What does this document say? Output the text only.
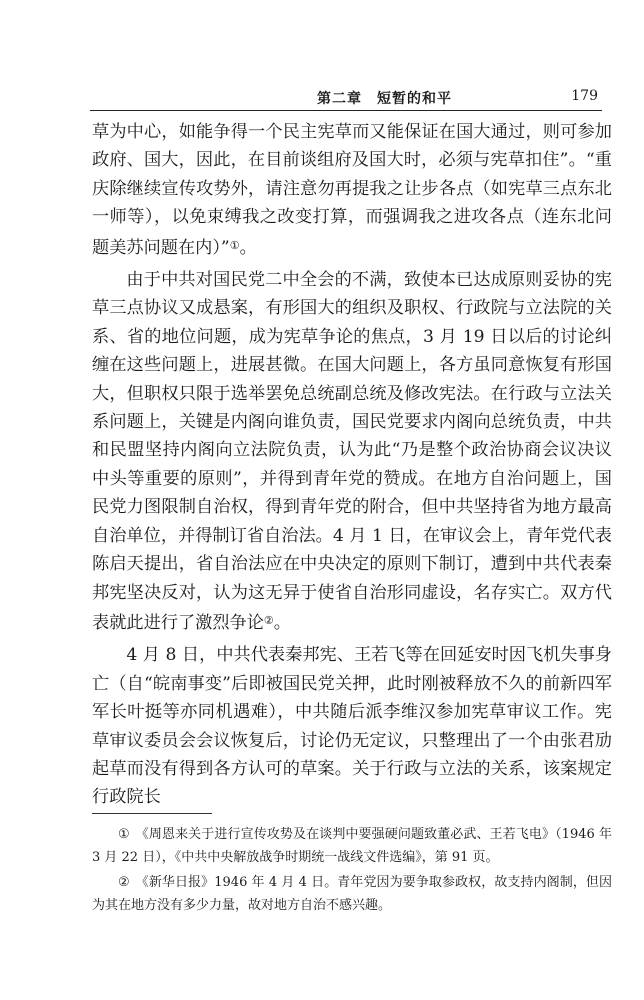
第二章　短暂的和平	179

草为中心，如能争得一个民主宪草而又能保证在国大通过，则可参加政府、国大，因此，在目前谈组府及国大时，必须与宪草扣住”。“重庆除继续宣传攻势外，请注意勿再提我之让步各点（如宪草三点东北一师等），以免束缚我之改变打算，而强调我之进攻各点（连东北问题美苏问题在内）”①。

由于中共对国民党二中全会的不满，致使本已达成原则妥协的宪草三点协议又成悬案，有形国大的组织及职权、行政院与立法院的关系、省的地位问题，成为宪草争论的焦点，3 月 19 日以后的讨论纠缠在这些问题上，进展甚微。在国大问题上，各方虽同意恢复有形国大，但职权只限于选举罢免总统副总统及修改宪法。在行政与立法关系问题上，关键是内阁向谁负责，国民党要求内阁向总统负责，中共和民盟坚持内阁向立法院负责，认为此“乃是整个政治协商会议决议中头等重要的原则”，并得到青年党的赞成。在地方自治问题上，国民党力图限制自治权，得到青年党的附合，但中共坚持省为地方最高自治单位，并得制订省自治法。4 月 1 日，在审议会上，青年党代表陈启天提出，省自治法应在中央决定的原则下制订，遭到中共代表秦邦宪坚决反对，认为这无异于使省自治形同虚设，名存实亡。双方代表就此进行了激烈争论②。

4 月 8 日，中共代表秦邦宪、王若飞等在回延安时因飞机失事身亡（自“皖南事变”后即被国民党关押，此时刚被释放不久的前新四军军长叶挺等亦同机遇难），中共随后派李维汉参加宪草审议工作。宪草审议委员会会议恢复后，讨论仍无定议，只整理出了一个由张君劢起草而没有得到各方认可的草案。关于行政与立法的关系，该案规定行政院长

① 《周恩来关于进行宣传攻势及在谈判中要强硬问题致董必武、王若飞电》（1946 年 3 月 22 日），《中共中央解放战争时期统一战线文件选编》，第 91 页。

② 《新华日报》1946 年 4 月 4 日。青年党因为要争取参政权，故支持内阁制，但因为其在地方没有多少力量，故对地方自治不感兴趣。
